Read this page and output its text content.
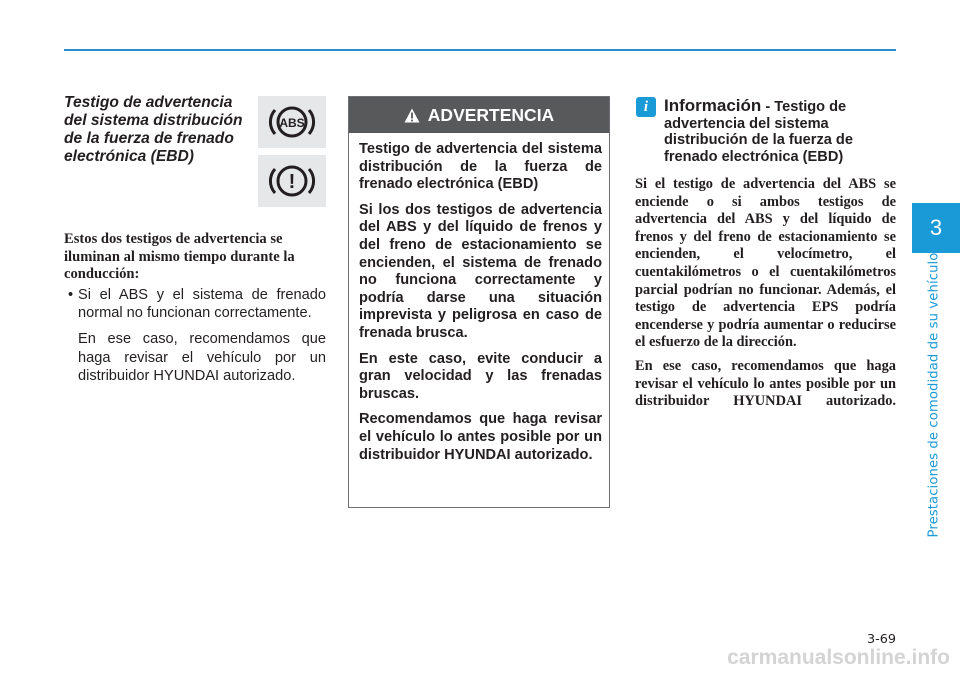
Testigo de advertencia del sistema distribución de la fuerza de frenado electrónica (EBD)
ABS
!
Estos dos testigos de advertencia se iluminan al mismo tiempo durante la conducción:
• Si el ABS y el sistema de frenado normal no funcionan correctamente.

En ese caso, recomendamos que haga revisar el vehículo por un distribuidor HYUNDAI autorizado.

ADVERTENCIA

Testigo de advertencia del sistema distribución de la fuerza de frenado electrónica (EBD)

Si los dos testigos de advertencia del ABS y del líquido de frenos y del freno de estacionamiento se encienden, el sistema de frenado no funciona correctamente y podría darse una situación imprevista y peligrosa en caso de frenada brusca.

En este caso, evite conducir a gran velocidad y las frenadas bruscas.

Recomendamos que haga revisar el vehículo lo antes posible por un distribuidor HYUNDAI autorizado.

i Información - Testigo de advertencia del sistema distribución de la fuerza de frenado electrónica (EBD)

Si el testigo de advertencia del ABS se enciende o si ambos testigos de advertencia del ABS y del líquido de frenos y del freno de estacionamiento se encienden, el velocímetro, el cuentakilómetros o el cuentakilómetros parcial podrían no funcionar. Además, el testigo de advertencia EPS podría encenderse y podría aumentar o reducirse el esfuerzo de la dirección.

En ese caso, recomendamos que haga revisar el vehículo lo antes posible por un distribuidor HYUNDAI autorizado.

3
Prestaciones de comodidad de su vehículo
3-69
carmanualsonline.info
